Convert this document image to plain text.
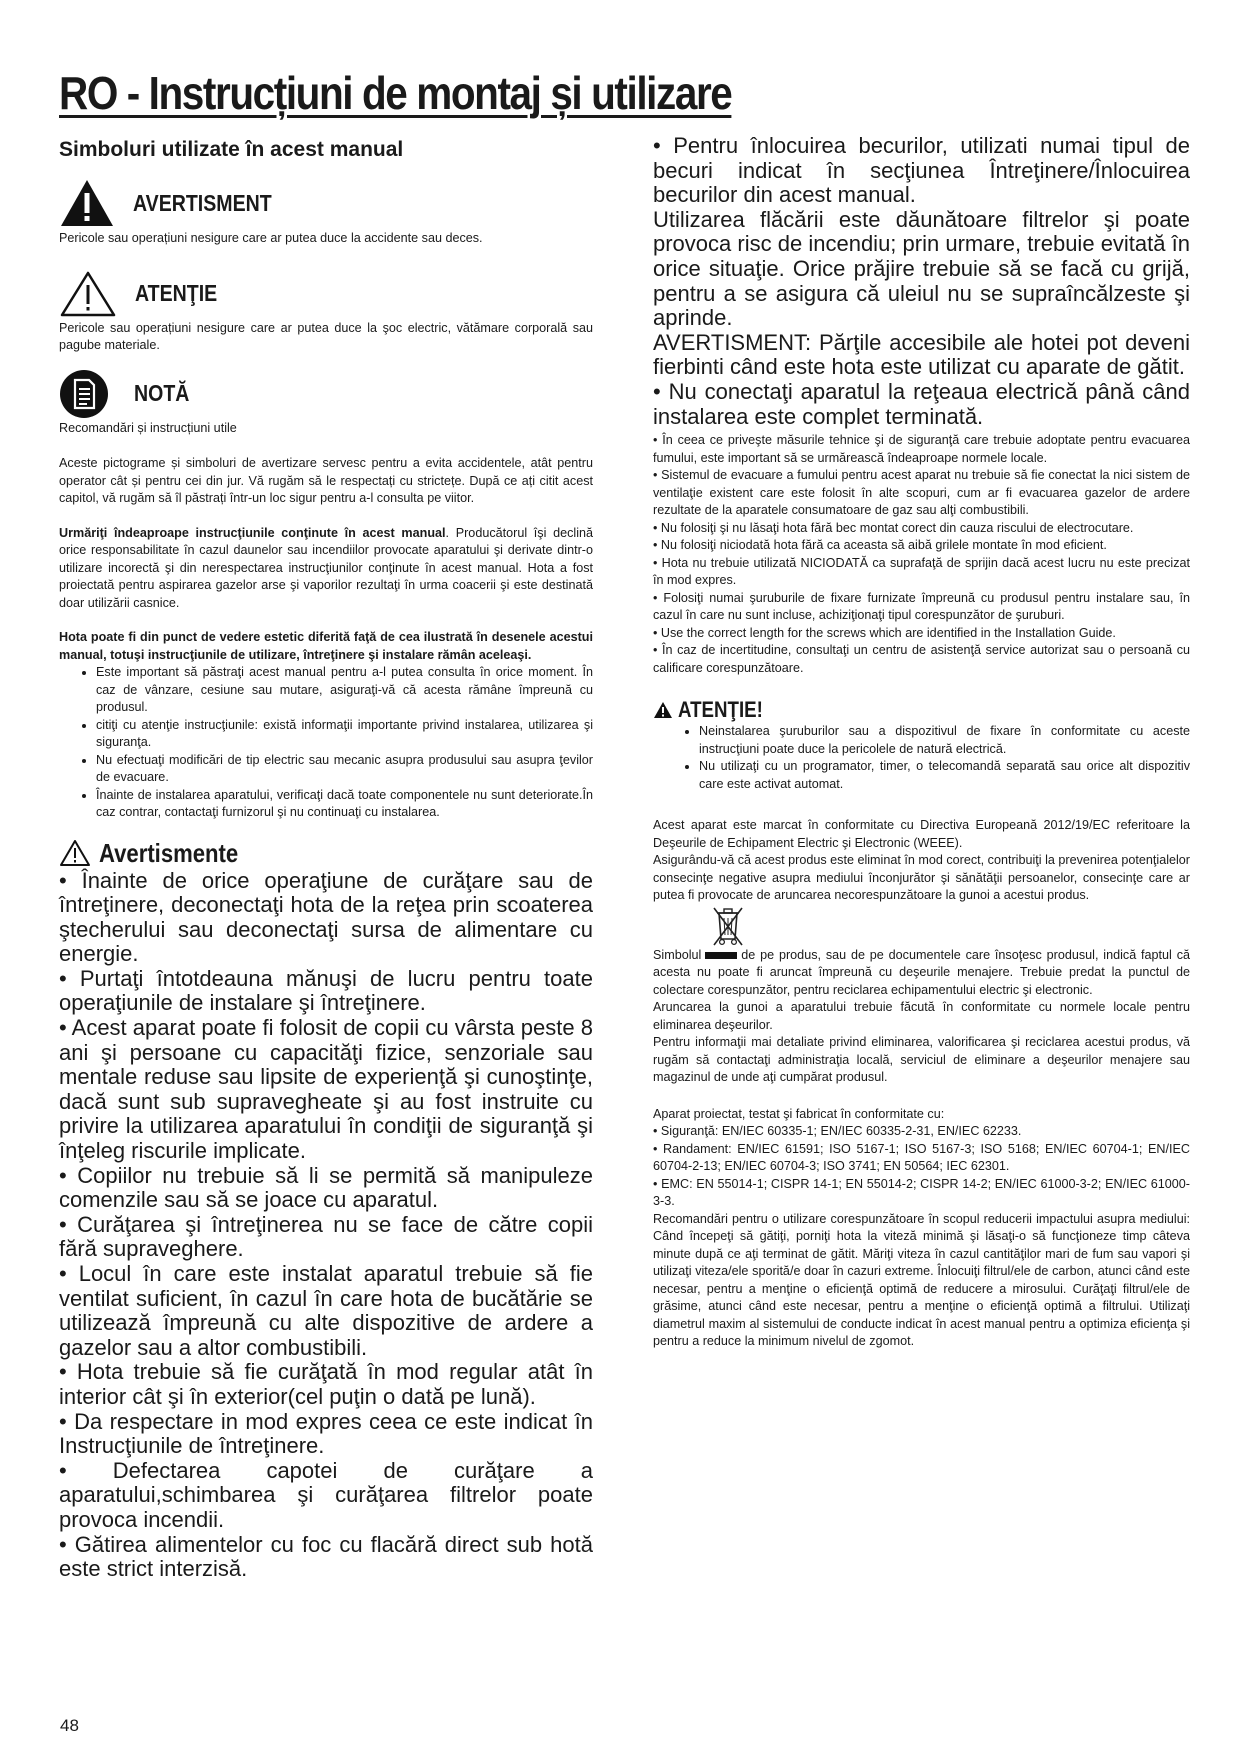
RO - Instrucțiuni de montaj și utilizare
Simboluri utilizate în acest manual
AVERTISMENT
Pericole sau operațiuni nesigure care ar putea duce la accidente sau deces.
ATENŢIE
Pericole sau operațiuni nesigure care ar putea duce la şoc electric, vătămare corporală sau pagube materiale.
NOTĂ
Recomandări și instrucțiuni utile
Aceste pictograme și simboluri de avertizare servesc pentru a evita accidentele, atât pentru operator cât și pentru cei din jur. Vă rugăm să le respectați cu strictețe. După ce ați citit acest capitol, vă rugăm să îl păstrați într-un loc sigur pentru a-l consulta pe viitor.
Urmăriţi îndeaproape instrucţiunile conţinute în acest manual. Producătorul îşi declină orice responsabilitate în cazul daunelor sau incendiilor provocate aparatului şi derivate dintr-o utilizare incorectă şi din nerespectarea instrucţiunilor conţinute în acest manual. Hota a fost proiectată pentru aspirarea gazelor arse şi vaporilor rezultaţi în urma coacerii şi este destinată doar utilizării casnice.
Hota poate fi din punct de vedere estetic diferită faţă de cea ilustrată în desenele acestui manual, totuşi instrucţiunile de utilizare, întreţinere şi instalare rămân aceleaşi.
• Este important să păstraţi acest manual pentru a-l putea consulta în orice moment. În caz de vânzare, cesiune sau mutare, asiguraţi-vă că acesta rămâne împreună cu produsul.
• citiţi cu atenţie instrucţiunile: există informaţii importante privind instalarea, utilizarea şi siguranţa.
• Nu efectuaţi modificări de tip electric sau mecanic asupra produsului sau asupra ţevilor de evacuare.
• Înainte de instalarea aparatului, verificaţi dacă toate componentele nu sunt deteriorate.În caz contrar, contactaţi furnizorul şi nu continuaţi cu instalarea.
Avertismente

• Înainte de orice operaţiune de curăţare sau de întreţinere, deconectaţi hota de la reţea prin scoaterea ştecherului sau deconectaţi sursa de alimentare cu energie.

• Purtaţi întotdeauna mănuşi de lucru pentru toate operaţiunile de instalare şi întreţinere.

• Acest aparat poate fi folosit de copii cu vârsta peste 8 ani şi persoane cu capacităţi fizice, senzoriale sau mentale reduse sau lipsite de experienţă şi cunoştinţe, dacă sunt sub supravegheate şi au fost instruite cu privire la utilizarea aparatului în condiţii de siguranţă şi înţeleg riscurile implicate.

• Copiilor nu trebuie să li se permită să manipuleze comenzile sau să se joace cu aparatul.

• Curăţarea şi întreţinerea nu se face de către copii fără supraveghere.

• Locul în care este instalat aparatul trebuie să fie ventilat suficient, în cazul în care hota de bucătărie se utilizează împreună cu alte dispozitive de ardere a gazelor sau a altor combustibili.

• Hota trebuie să fie curăţată în mod regular atât în interior cât şi în exterior(cel puţin o dată pe lună).

• Da respectare in mod expres ceea ce este indicat în Instrucţiunile de întreţinere.

• Defectarea capotei de curăţare a aparatului,schimbarea şi curăţarea filtrelor poate provoca incendii.

• Gătirea alimentelor cu foc cu flacără direct sub hotă este strict interzisă.

• Pentru înlocuirea becurilor, utilizati numai tipul de becuri indicat în secţiunea Întreţinere/Înlocuirea becurilor din acest manual.

Utilizarea flăcării este dăunătoare filtrelor şi poate provoca risc de incendiu; prin urmare, trebuie evitată în orice situaţie. Orice prăjire trebuie să se facă cu grijă, pentru a se asigura că uleiul nu se supraîncălzeste şi aprinde.

AVERTISMENT: Părţile accesibile ale hotei pot deveni fierbinti când este hota este utilizat cu aparate de gătit.

• Nu conectaţi aparatul la reţeaua electrică până când instalarea este complet terminată.

• În ceea ce priveşte măsurile tehnice şi de siguranţă care trebuie adoptate pentru evacuarea fumului, este important să se urmărească îndeaproape normele locale.

• Sistemul de evacuare a fumului pentru acest aparat nu trebuie să fie conectat la nici sistem de ventilaţie existent care este folosit în alte scopuri, cum ar fi evacuarea gazelor de ardere rezultate de la aparatele consumatoare de gaz sau alţi combustibili.

• Nu folosiţi şi nu lăsaţi hota fără bec montat corect din cauza riscului de electrocutare.

• Nu folosiţi niciodată hota fără ca aceasta să aibă grilele montate în mod eficient.

• Hota nu trebuie utilizată NICIODATĂ ca suprafaţă de sprijin dacă acest lucru nu este precizat în mod expres.

• Folosiţi numai şuruburile de fixare furnizate împreună cu produsul pentru instalare sau, în cazul în care nu sunt incluse, achiziţionaţi tipul corespunzător de şuruburi.

• Use the correct length for the screws which are identified in the Installation Guide.

• În caz de incertitudine, consultaţi un centru de asistenţă service autorizat sau o persoană cu calificare corespunzătoare.

ATENŢIE!
• Neinstalarea şuruburilor sau a dispozitivul de fixare în conformitate cu aceste instrucţiuni poate duce la pericolele de natură electrică.
• Nu utilizaţi cu un programator, timer, o telecomandă separată sau orice alt dispozitiv care este activat automat.

Acest aparat este marcat în conformitate cu Directiva Europeană 2012/19/EC referitoare la Deşeurile de Echipament Electric şi Electronic (WEEE).

Asigurându-vă că acest produs este eliminat în mod corect, contribuiţi la prevenirea potenţialelor consecinţe negative asupra mediului înconjurător şi sănătăţii persoanelor, consecinţe care ar putea fi provocate de aruncarea necorespunzătoare la gunoi a acestui produs.

Simbolul	de pe produs, sau de pe documentele care însoţesc produsul, indică faptul că acesta nu poate fi aruncat împreună cu deşeurile menajere. Trebuie predat la punctul de colectare corespunzător, pentru reciclarea echipamentului electric şi electronic.

Aruncarea la gunoi a aparatului trebuie făcută în conformitate cu normele locale pentru eliminarea deşeurilor.

Pentru informaţii mai detaliate privind eliminarea, valorificarea şi reciclarea acestui produs, vă rugăm să contactaţi administraţia locală, serviciul de eliminare a deşeurilor menajere sau magazinul de unde aţi cumpărat produsul.

Aparat proiectat, testat şi fabricat în conformitate cu:

• Siguranţă: EN/IEC 60335-1; EN/IEC 60335-2-31, EN/IEC 62233.

• Randament: EN/IEC 61591; ISO 5167-1; ISO 5167-3; ISO 5168; EN/IEC 60704-1; EN/IEC 60704-2-13; EN/IEC 60704-3; ISO 3741; EN 50564; IEC 62301.

• EMC: EN 55014-1; CISPR 14-1; EN 55014-2; CISPR 14-2; EN/IEC 61000-3-2; EN/IEC 61000-3-3.

Recomandări pentru o utilizare corespunzătoare în scopul reducerii impactului asupra mediului: Când începeţi să gătiţi, porniţi hota la viteză minimă şi lăsaţi-o să funcţioneze timp câteva minute după ce aţi terminat de gătit. Măriţi viteza în cazul cantităţilor mari de fum sau vapori şi utilizaţi viteza/ele sporită/e doar în cazuri extreme. Înlocuiţi filtrul/ele de carbon, atunci când este necesar, pentru a menţine o eficienţă optimă de reducere a mirosului. Curăţaţi filtrul/ele de grăsime, atunci când este necesar, pentru a menţine o eficienţă optimă a filtrului. Utilizaţi diametrul maxim al sistemului de conducte indicat în acest manual pentru a optimiza eficienţa şi pentru a reduce la minimum nivelul de zgomot.

48
